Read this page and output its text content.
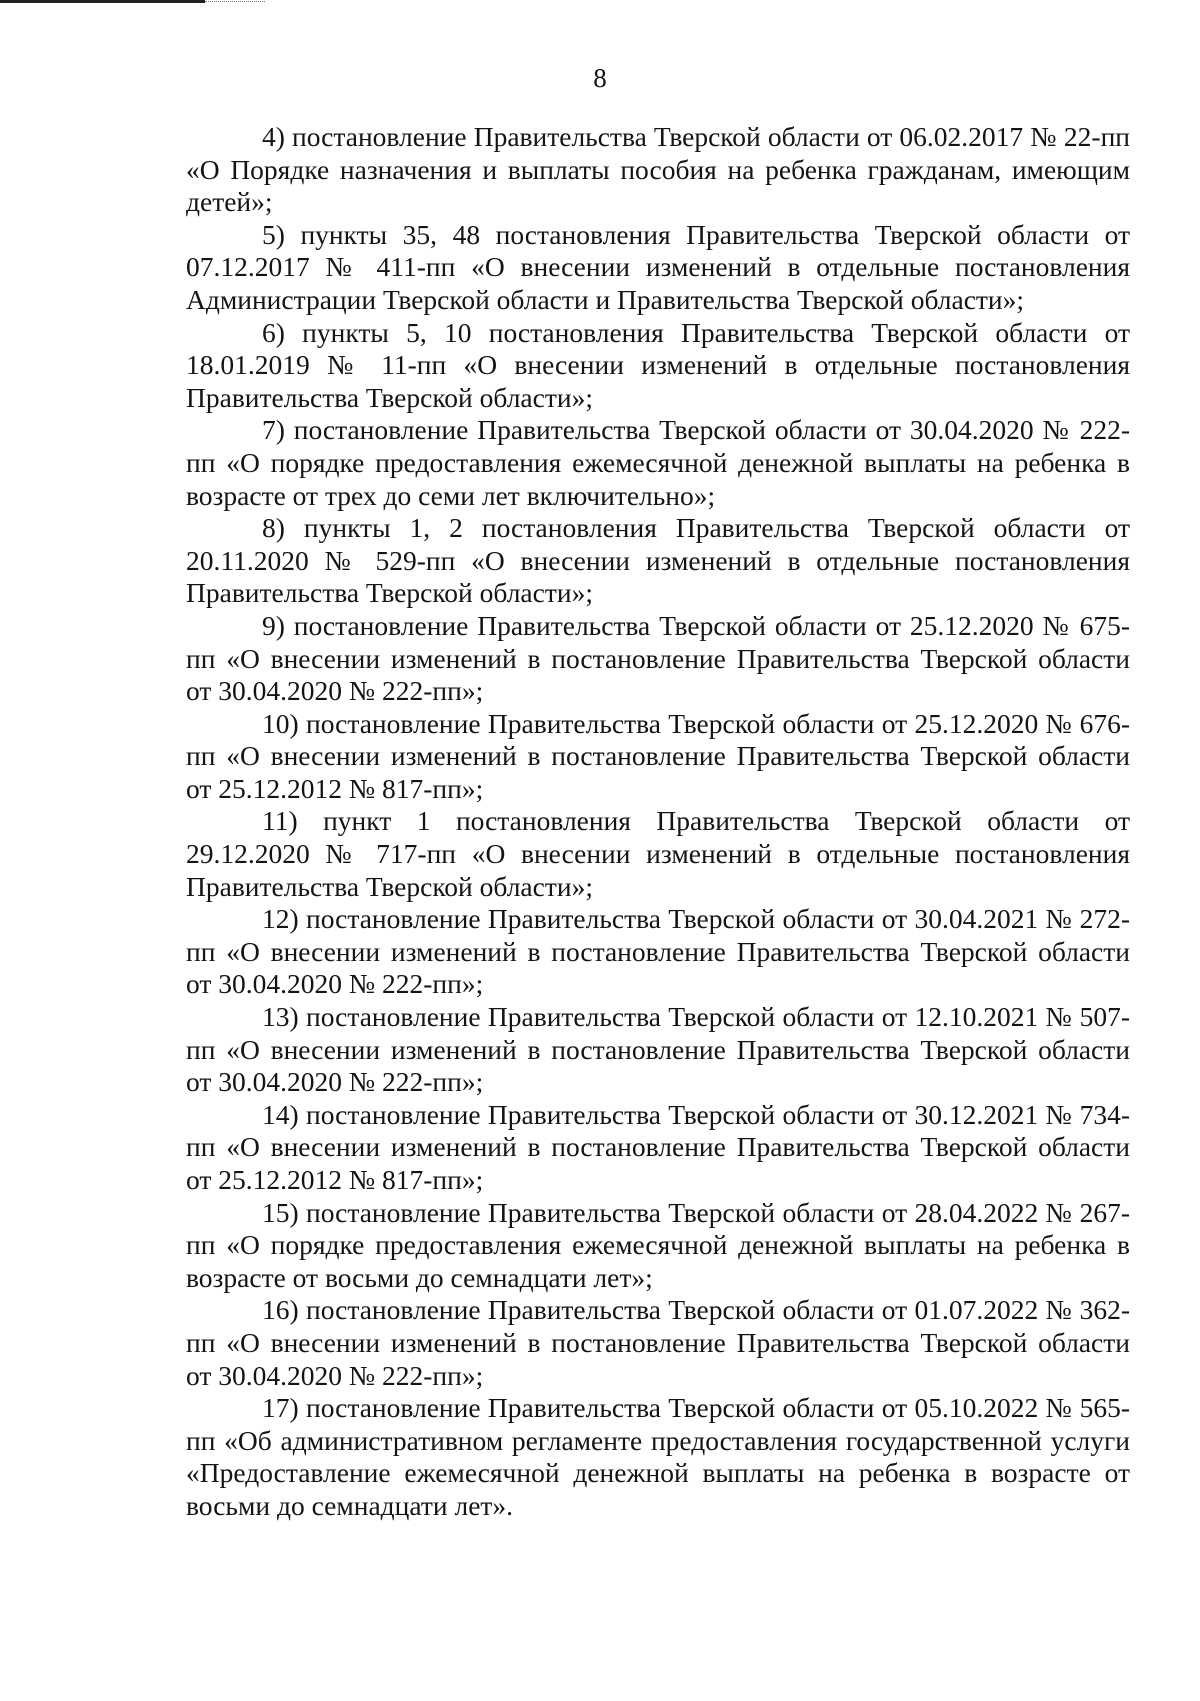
8

4) постановление Правительства Тверской области от 06.02.2017 № 22-пп «О Порядке назначения и выплаты пособия на ребенка гражданам, имеющим детей»;

5) пункты 35, 48 постановления Правительства Тверской области от 07.12.2017 № 411-пп «О внесении изменений в отдельные постановления Администрации Тверской области и Правительства Тверской области»;

6) пункты 5, 10 постановления Правительства Тверской области от 18.01.2019 № 11-пп «О внесении изменений в отдельные постановления Правительства Тверской области»;

7) постановление Правительства Тверской области от 30.04.2020 № 222-пп «О порядке предоставления ежемесячной денежной выплаты на ребенка в возрасте от трех до семи лет включительно»;

8) пункты 1, 2 постановления Правительства Тверской области от 20.11.2020 № 529-пп «О внесении изменений в отдельные постановления Правительства Тверской области»;

9) постановление Правительства Тверской области от 25.12.2020 № 675-пп «О внесении изменений в постановление Правительства Тверской области от 30.04.2020 № 222-пп»;

10) постановление Правительства Тверской области от 25.12.2020 № 676-пп «О внесении изменений в постановление Правительства Тверской области от 25.12.2012 № 817-пп»;

11) пункт 1 постановления Правительства Тверской области от 29.12.2020 № 717-пп «О внесении изменений в отдельные постановления Правительства Тверской области»;

12) постановление Правительства Тверской области от 30.04.2021 № 272-пп «О внесении изменений в постановление Правительства Тверской области от 30.04.2020 № 222-пп»;

13) постановление Правительства Тверской области от 12.10.2021 № 507-пп «О внесении изменений в постановление Правительства Тверской области от 30.04.2020 № 222-пп»;

14) постановление Правительства Тверской области от 30.12.2021 № 734-пп «О внесении изменений в постановление Правительства Тверской области от 25.12.2012 № 817-пп»;

15) постановление Правительства Тверской области от 28.04.2022 № 267-пп «О порядке предоставления ежемесячной денежной выплаты на ребенка в возрасте от восьми до семнадцати лет»;

16) постановление Правительства Тверской области от 01.07.2022 № 362-пп «О внесении изменений в постановление Правительства Тверской области от 30.04.2020 № 222-пп»;

17) постановление Правительства Тверской области от 05.10.2022 № 565-пп «Об административном регламенте предоставления государственной услуги «Предоставление ежемесячной денежной выплаты на ребенка в возрасте от восьми до семнадцати лет».
